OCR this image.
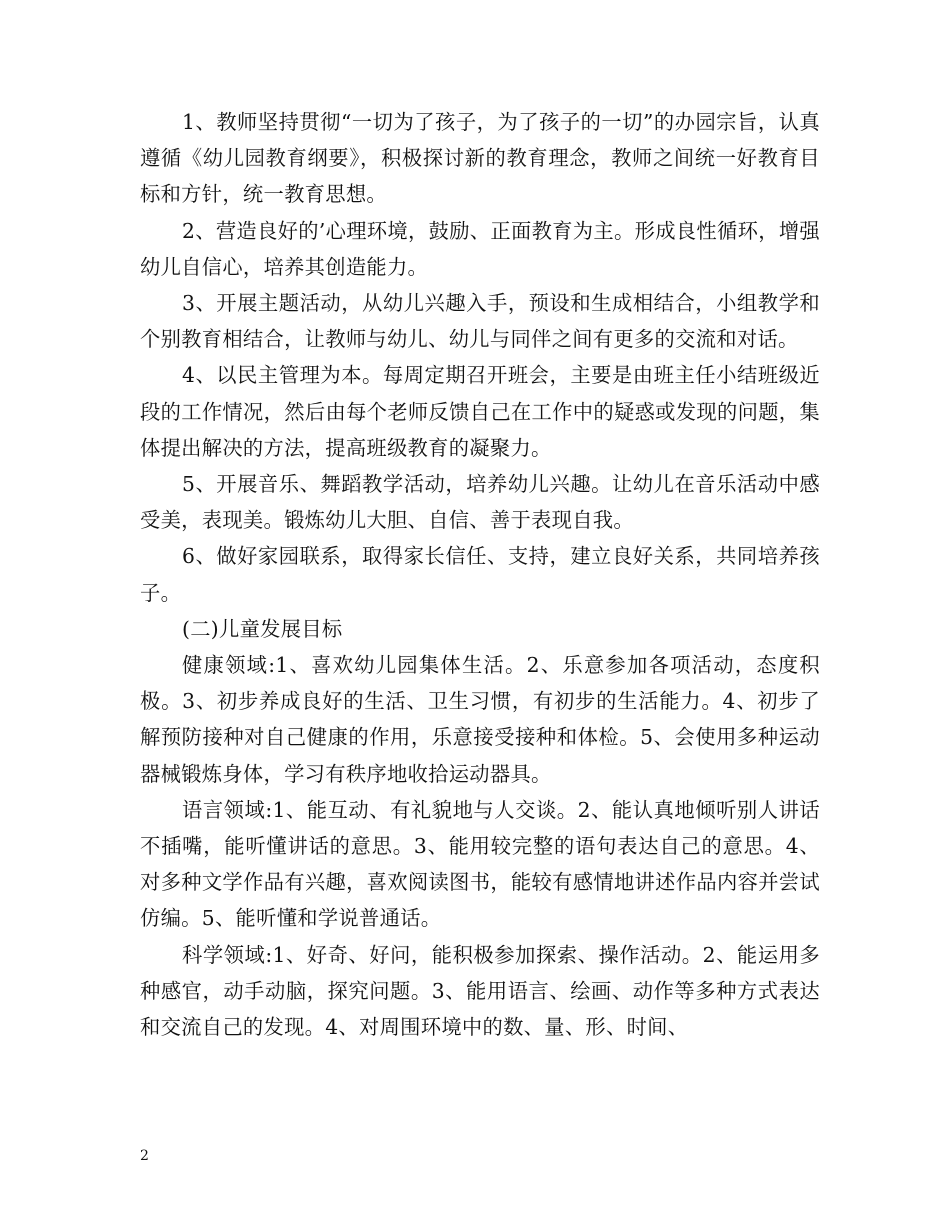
1、教师坚持贯彻“一切为了孩子，为了孩子的一切”的办园宗旨，认真遵循《幼儿园教育纲要》，积极探讨新的教育理念，教师之间统一好教育目标和方针，统一教育思想。

2、营造良好的’心理环境，鼓励、正面教育为主。形成良性循环，增强幼儿自信心，培养其创造能力。

3、开展主题活动，从幼儿兴趣入手，预设和生成相结合，小组教学和个别教育相结合，让教师与幼儿、幼儿与同伴之间有更多的交流和对话。

4、以民主管理为本。每周定期召开班会，主要是由班主任小结班级近段的工作情况，然后由每个老师反馈自己在工作中的疑惑或发现的问题，集体提出解决的方法，提高班级教育的凝聚力。

5、开展音乐、舞蹈教学活动，培养幼儿兴趣。让幼儿在音乐活动中感受美，表现美。锻炼幼儿大胆、自信、善于表现自我。

6、做好家园联系，取得家长信任、支持，建立良好关系，共同培养孩子。

(二)儿童发展目标

健康领域:1、喜欢幼儿园集体生活。2、乐意参加各项活动，态度积极。3、初步养成良好的生活、卫生习惯，有初步的生活能力。4、初步了解预防接种对自己健康的作用，乐意接受接种和体检。5、会使用多种运动器械锻炼身体，学习有秩序地收拾运动器具。

语言领域:1、能互动、有礼貌地与人交谈。2、能认真地倾听别人讲话不插嘴，能听懂讲话的意思。3、能用较完整的语句表达自己的意思。4、对多种文学作品有兴趣，喜欢阅读图书，能较有感情地讲述作品内容并尝试仿编。5、能听懂和学说普通话。

科学领域:1、好奇、好问，能积极参加探索、操作活动。2、能运用多种感官，动手动脑，探究问题。3、能用语言、绘画、动作等多种方式表达和交流自己的发现。4、对周围环境中的数、量、形、时间、

2
